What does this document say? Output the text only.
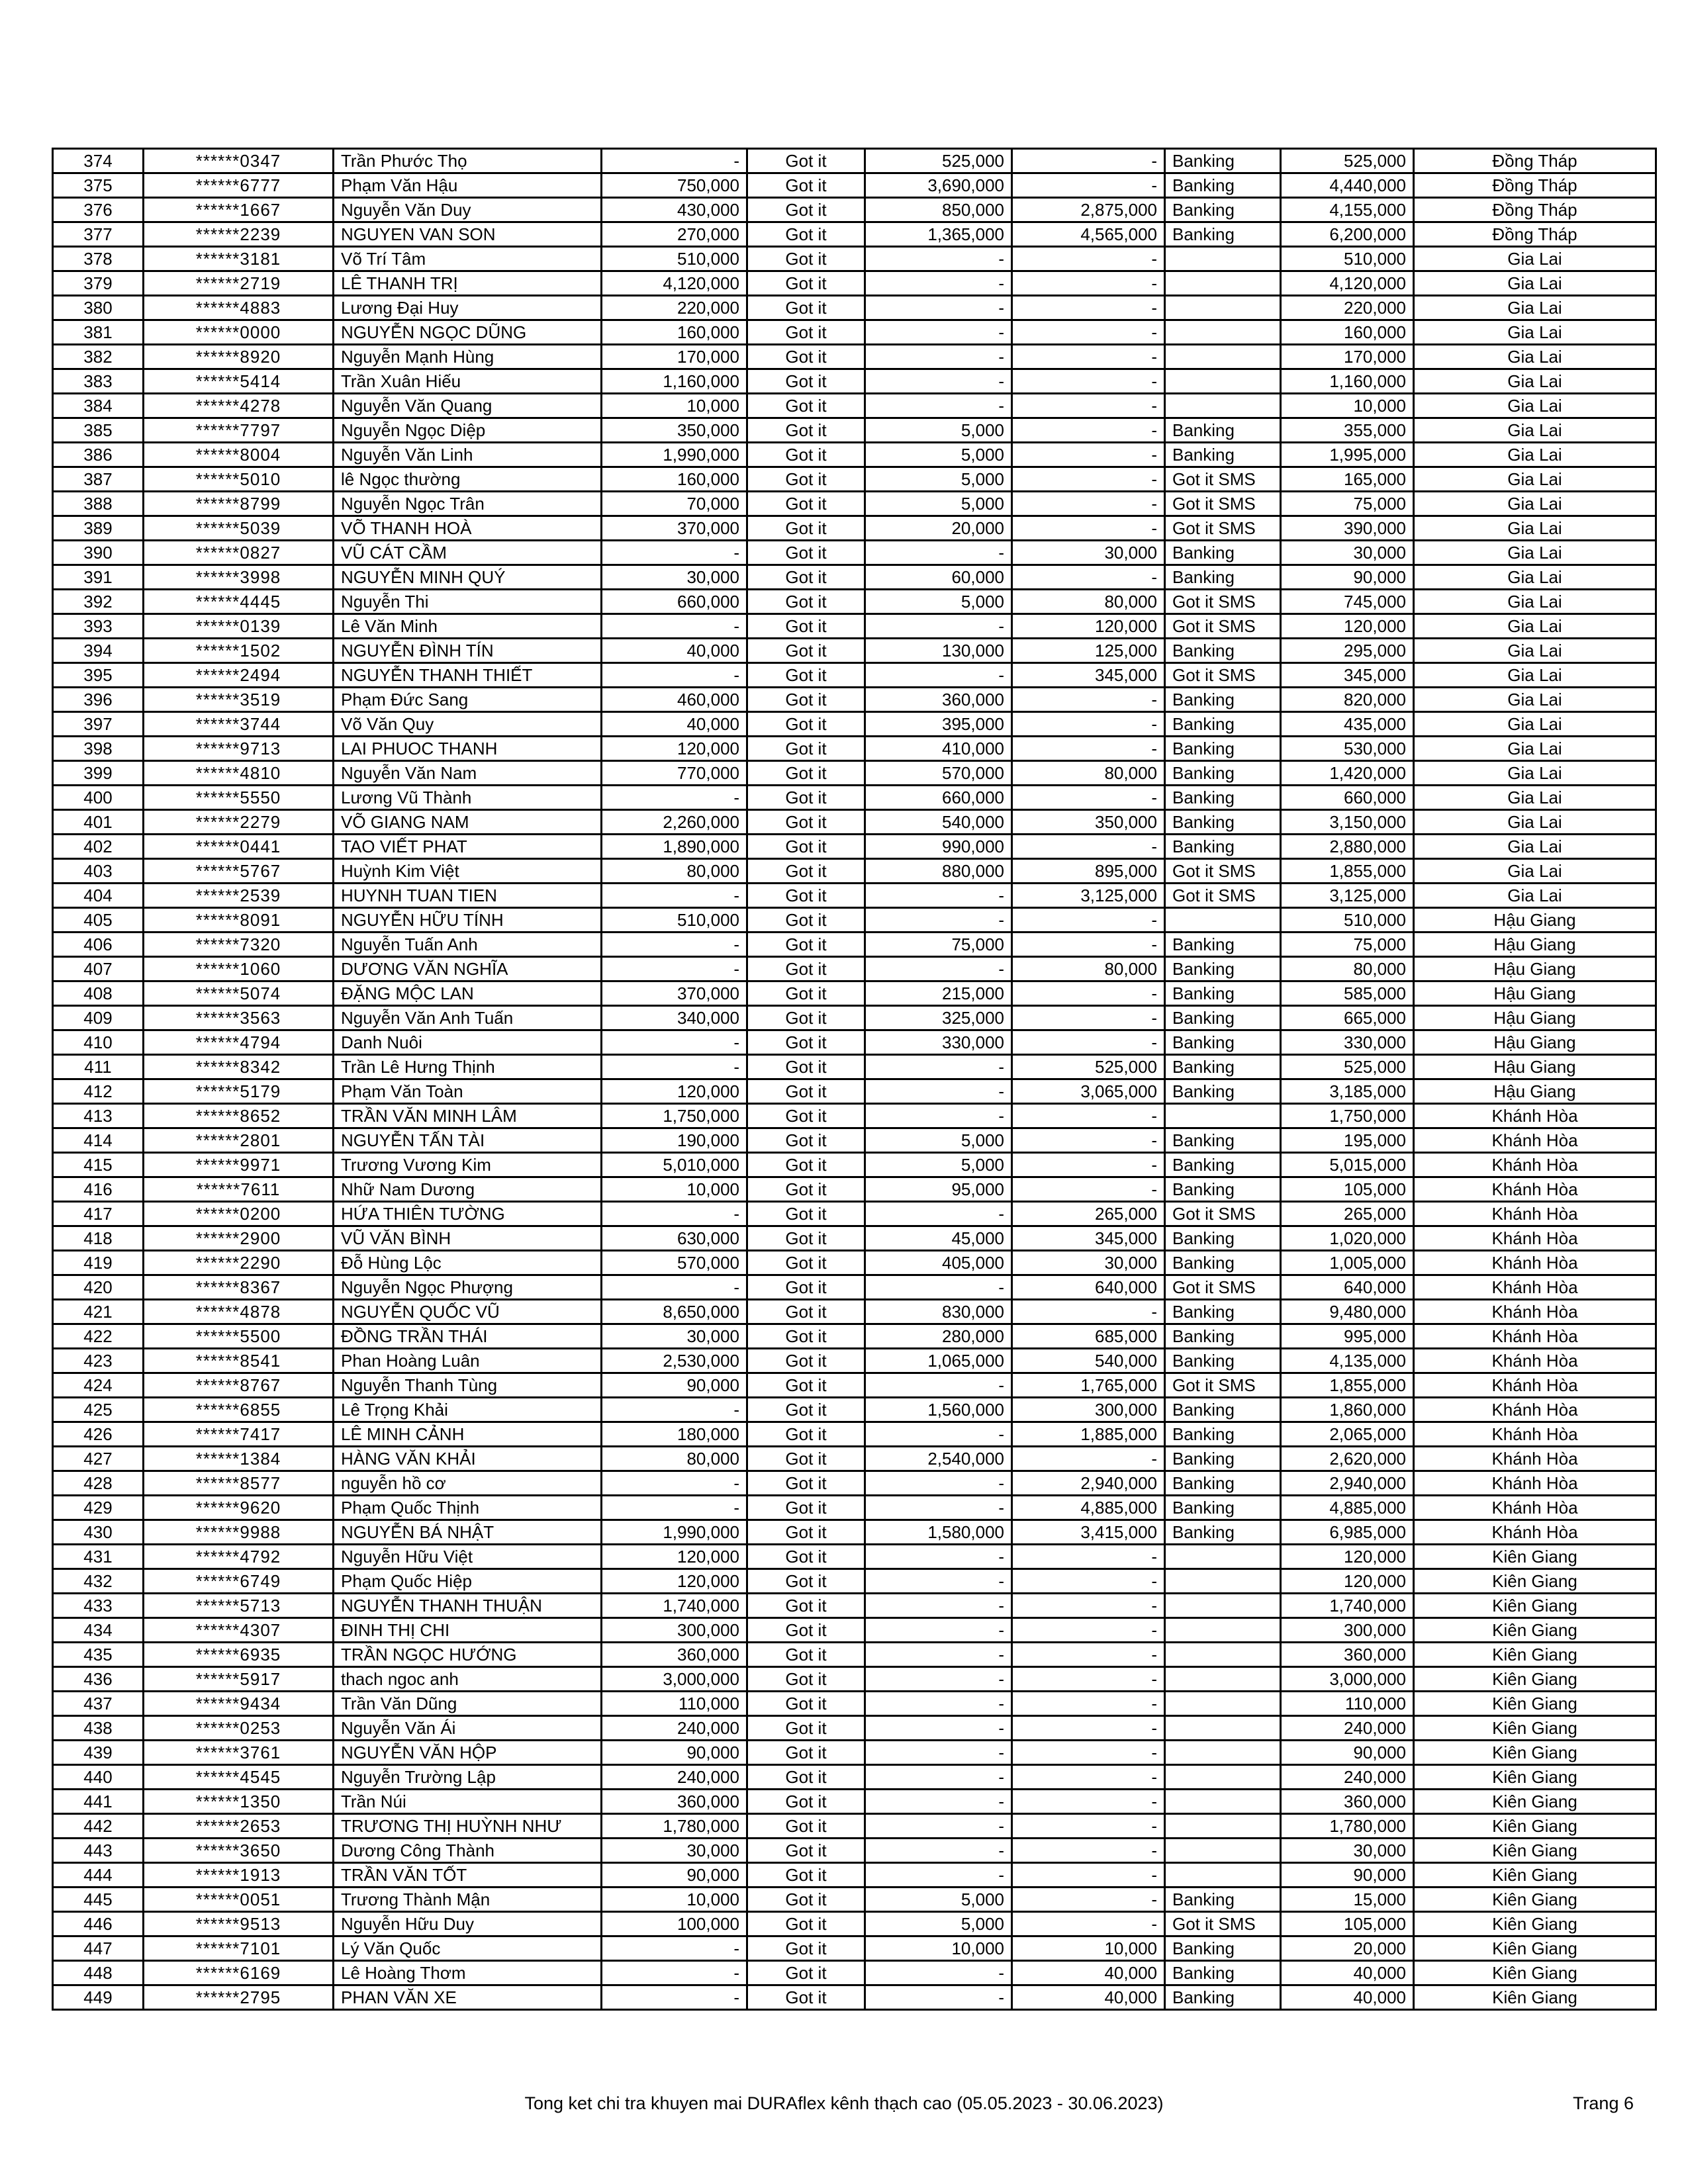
374	******0347	Trần Phước Thọ	-	Got it	525,000	-	Banking	525,000	Đồng Tháp
375	******6777	Phạm Văn Hậu	750,000	Got it	3,690,000	-	Banking	4,440,000	Đồng Tháp
376	******1667	Nguyễn Văn Duy	430,000	Got it	850,000	2,875,000	Banking	4,155,000	Đồng Tháp
377	******2239	NGUYEN VAN SON	270,000	Got it	1,365,000	4,565,000	Banking	6,200,000	Đồng Tháp
378	******3181	Võ Trí Tâm	510,000	Got it	-	-		510,000	Gia Lai
379	******2719	LÊ THANH TRỊ	4,120,000	Got it	-	-		4,120,000	Gia Lai
380	******4883	Lương Đại Huy	220,000	Got it	-	-		220,000	Gia Lai
381	******0000	NGUYỄN NGỌC DŨNG	160,000	Got it	-	-		160,000	Gia Lai
382	******8920	Nguyễn Mạnh Hùng	170,000	Got it	-	-		170,000	Gia Lai
383	******5414	Trần Xuân Hiếu	1,160,000	Got it	-	-		1,160,000	Gia Lai
384	******4278	Nguyễn Văn Quang	10,000	Got it	-	-		10,000	Gia Lai
385	******7797	Nguyễn Ngọc Diệp	350,000	Got it	5,000	-	Banking	355,000	Gia Lai
386	******8004	Nguyễn Văn Linh	1,990,000	Got it	5,000	-	Banking	1,995,000	Gia Lai
387	******5010	lê Ngọc thường	160,000	Got it	5,000	-	Got it SMS	165,000	Gia Lai
388	******8799	Nguyễn Ngọc Trân	70,000	Got it	5,000	-	Got it SMS	75,000	Gia Lai
389	******5039	VÕ THANH HOÀ	370,000	Got it	20,000	-	Got it SMS	390,000	Gia Lai
390	******0827	VŨ CÁT CẦM	-	Got it	-	30,000	Banking	30,000	Gia Lai
391	******3998	NGUYỄN MINH QUÝ	30,000	Got it	60,000	-	Banking	90,000	Gia Lai
392	******4445	Nguyễn Thi	660,000	Got it	5,000	80,000	Got it SMS	745,000	Gia Lai
393	******0139	Lê Văn Minh	-	Got it	-	120,000	Got it SMS	120,000	Gia Lai
394	******1502	NGUYỄN ĐÌNH TÍN	40,000	Got it	130,000	125,000	Banking	295,000	Gia Lai
395	******2494	NGUYỄN THANH THIẾT	-	Got it	-	345,000	Got it SMS	345,000	Gia Lai
396	******3519	Phạm Đức Sang	460,000	Got it	360,000	-	Banking	820,000	Gia Lai
397	******3744	Võ Văn Quy	40,000	Got it	395,000	-	Banking	435,000	Gia Lai
398	******9713	LAI PHUOC THANH	120,000	Got it	410,000	-	Banking	530,000	Gia Lai
399	******4810	Nguyễn Văn Nam	770,000	Got it	570,000	80,000	Banking	1,420,000	Gia Lai
400	******5550	Lương Vũ Thành	-	Got it	660,000	-	Banking	660,000	Gia Lai
401	******2279	VÕ GIANG NAM	2,260,000	Got it	540,000	350,000	Banking	3,150,000	Gia Lai
402	******0441	TAO VIẾT PHAT	1,890,000	Got it	990,000	-	Banking	2,880,000	Gia Lai
403	******5767	Huỳnh Kim Việt	80,000	Got it	880,000	895,000	Got it SMS	1,855,000	Gia Lai
404	******2539	HUYNH TUAN TIEN	-	Got it	-	3,125,000	Got it SMS	3,125,000	Gia Lai
405	******8091	NGUYỄN HỮU TÍNH	510,000	Got it	-	-		510,000	Hậu Giang
406	******7320	Nguyễn Tuấn Anh	-	Got it	75,000	-	Banking	75,000	Hậu Giang
407	******1060	DƯƠNG VĂN NGHĨA	-	Got it	-	80,000	Banking	80,000	Hậu Giang
408	******5074	ĐẶNG MỘC LAN	370,000	Got it	215,000	-	Banking	585,000	Hậu Giang
409	******3563	Nguyễn Văn Anh Tuấn	340,000	Got it	325,000	-	Banking	665,000	Hậu Giang
410	******4794	Danh Nuôi	-	Got it	330,000	-	Banking	330,000	Hậu Giang
411	******8342	Trần Lê Hưng Thịnh	-	Got it	-	525,000	Banking	525,000	Hậu Giang
412	******5179	Phạm Văn Toàn	120,000	Got it	-	3,065,000	Banking	3,185,000	Hậu Giang
413	******8652	TRẦN VĂN MINH LÂM	1,750,000	Got it	-	-		1,750,000	Khánh Hòa
414	******2801	NGUYỄN TẤN TÀI	190,000	Got it	5,000	-	Banking	195,000	Khánh Hòa
415	******9971	Trương Vương Kim	5,010,000	Got it	5,000	-	Banking	5,015,000	Khánh Hòa
416	******7611	Nhữ Nam Dương	10,000	Got it	95,000	-	Banking	105,000	Khánh Hòa
417	******0200	HỨA THIÊN TƯỜNG	-	Got it	-	265,000	Got it SMS	265,000	Khánh Hòa
418	******2900	VŨ VĂN BÌNH	630,000	Got it	45,000	345,000	Banking	1,020,000	Khánh Hòa
419	******2290	Đỗ Hùng Lộc	570,000	Got it	405,000	30,000	Banking	1,005,000	Khánh Hòa
420	******8367	Nguyễn Ngọc Phượng	-	Got it	-	640,000	Got it SMS	640,000	Khánh Hòa
421	******4878	NGUYỄN QUỐC VŨ	8,650,000	Got it	830,000	-	Banking	9,480,000	Khánh Hòa
422	******5500	ĐỒNG TRẦN THÁI	30,000	Got it	280,000	685,000	Banking	995,000	Khánh Hòa
423	******8541	Phan Hoàng Luân	2,530,000	Got it	1,065,000	540,000	Banking	4,135,000	Khánh Hòa
424	******8767	Nguyễn Thanh Tùng	90,000	Got it	-	1,765,000	Got it SMS	1,855,000	Khánh Hòa
425	******6855	Lê Trọng Khải	-	Got it	1,560,000	300,000	Banking	1,860,000	Khánh Hòa
426	******7417	LÊ MINH CẢNH	180,000	Got it	-	1,885,000	Banking	2,065,000	Khánh Hòa
427	******1384	HÀNG VĂN KHẢI	80,000	Got it	2,540,000	-	Banking	2,620,000	Khánh Hòa
428	******8577	nguyễn hồ cơ	-	Got it	-	2,940,000	Banking	2,940,000	Khánh Hòa
429	******9620	Phạm Quốc Thịnh	-	Got it	-	4,885,000	Banking	4,885,000	Khánh Hòa
430	******9988	NGUYỄN BÁ NHẬT	1,990,000	Got it	1,580,000	3,415,000	Banking	6,985,000	Khánh Hòa
431	******4792	Nguyễn Hữu Việt	120,000	Got it	-	-		120,000	Kiên Giang
432	******6749	Phạm Quốc Hiệp	120,000	Got it	-	-		120,000	Kiên Giang
433	******5713	NGUYỄN THANH THUẬN	1,740,000	Got it	-	-		1,740,000	Kiên Giang
434	******4307	ĐINH THỊ CHI	300,000	Got it	-	-		300,000	Kiên Giang
435	******6935	TRẦN NGỌC HƯỚNG	360,000	Got it	-	-		360,000	Kiên Giang
436	******5917	thach ngoc anh	3,000,000	Got it	-	-		3,000,000	Kiên Giang
437	******9434	Trần Văn Dũng	110,000	Got it	-	-		110,000	Kiên Giang
438	******0253	Nguyễn Văn Ái	240,000	Got it	-	-		240,000	Kiên Giang
439	******3761	NGUYỄN VĂN HỘP	90,000	Got it	-	-		90,000	Kiên Giang
440	******4545	Nguyễn Trường Lập	240,000	Got it	-	-		240,000	Kiên Giang
441	******1350	Trần Núi	360,000	Got it	-	-		360,000	Kiên Giang
442	******2653	TRƯƠNG THỊ HUỲNH NHƯ	1,780,000	Got it	-	-		1,780,000	Kiên Giang
443	******3650	Dương Công Thành	30,000	Got it	-	-		30,000	Kiên Giang
444	******1913	TRẦN VĂN TỐT	90,000	Got it	-	-		90,000	Kiên Giang
445	******0051	Trương Thành Mận	10,000	Got it	5,000	-	Banking	15,000	Kiên Giang
446	******9513	Nguyễn Hữu Duy	100,000	Got it	5,000	-	Got it SMS	105,000	Kiên Giang
447	******7101	Lý Văn Quốc	-	Got it	10,000	10,000	Banking	20,000	Kiên Giang
448	******6169	Lê Hoàng Thơm	-	Got it	-	40,000	Banking	40,000	Kiên Giang
449	******2795	PHAN VĂN XE	-	Got it	-	40,000	Banking	40,000	Kiên Giang
Tong ket chi tra khuyen mai DURAflex kênh thạch cao (05.05.2023 - 30.06.2023)	Trang 6
